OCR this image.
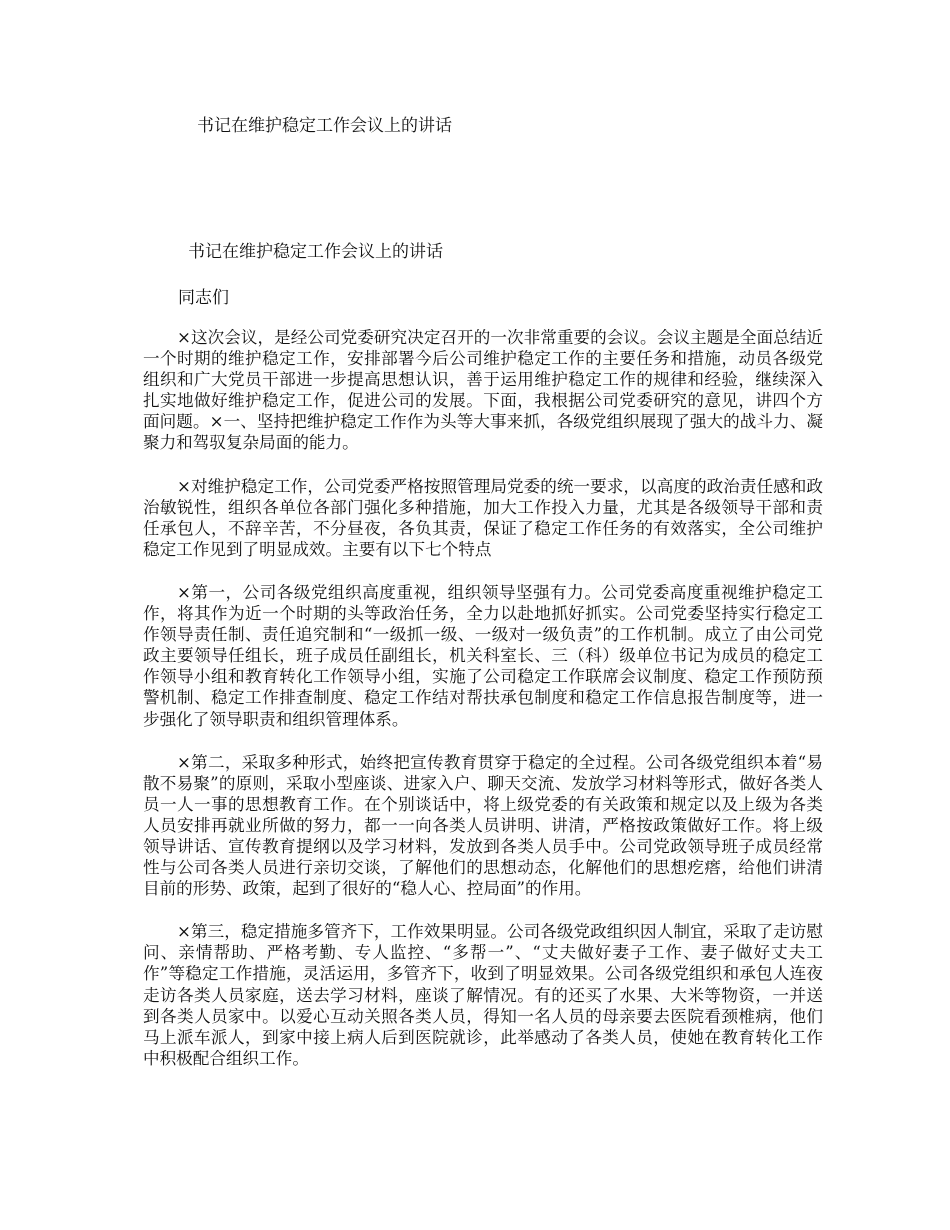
书记在维护稳定工作会议上的讲话
书记在维护稳定工作会议上的讲话
同志们

×这次会议，是经公司党委研究决定召开的一次非常重要的会议。会议主题是全面总结近一个时期的维护稳定工作，安排部署今后公司维护稳定工作的主要任务和措施，动员各级党组织和广大党员干部进一步提高思想认识，善于运用维护稳定工作的规律和经验，继续深入扎实地做好维护稳定工作，促进公司的发展。下面，我根据公司党委研究的意见，讲四个方面问题。×一、坚持把维护稳定工作作为头等大事来抓，各级党组织展现了强大的战斗力、凝聚力和驾驭复杂局面的能力。

×对维护稳定工作，公司党委严格按照管理局党委的统一要求，以高度的政治责任感和政治敏锐性，组织各单位各部门强化多种措施，加大工作投入力量，尤其是各级领导干部和责任承包人，不辞辛苦，不分昼夜，各负其责，保证了稳定工作任务的有效落实，全公司维护稳定工作见到了明显成效。主要有以下七个特点

×第一，公司各级党组织高度重视，组织领导坚强有力。公司党委高度重视维护稳定工作，将其作为近一个时期的头等政治任务，全力以赴地抓好抓实。公司党委坚持实行稳定工作领导责任制、责任追究制和“一级抓一级、一级对一级负责”的工作机制。成立了由公司党政主要领导任组长，班子成员任副组长，机关科室长、三（科）级单位书记为成员的稳定工作领导小组和教育转化工作领导小组，实施了公司稳定工作联席会议制度、稳定工作预防预警机制、稳定工作排查制度、稳定工作结对帮扶承包制度和稳定工作信息报告制度等，进一步强化了领导职责和组织管理体系。

×第二，采取多种形式，始终把宣传教育贯穿于稳定的全过程。公司各级党组织本着“易散不易聚”的原则，采取小型座谈、进家入户、聊天交流、发放学习材料等形式，做好各类人员一人一事的思想教育工作。在个别谈话中，将上级党委的有关政策和规定以及上级为各类人员安排再就业所做的努力，都一一向各类人员讲明、讲清，严格按政策做好工作。将上级领导讲话、宣传教育提纲以及学习材料，发放到各类人员手中。公司党政领导班子成员经常性与公司各类人员进行亲切交谈，了解他们的思想动态，化解他们的思想疙瘩，给他们讲清目前的形势、政策，起到了很好的“稳人心、控局面”的作用。

×第三，稳定措施多管齐下，工作效果明显。公司各级党政组织因人制宜，采取了走访慰问、亲情帮助、严格考勤、专人监控、“多帮一”、“丈夫做好妻子工作、妻子做好丈夫工作”等稳定工作措施，灵活运用，多管齐下，收到了明显效果。公司各级党组织和承包人连夜走访各类人员家庭，送去学习材料，座谈了解情况。有的还买了水果、大米等物资，一并送到各类人员家中。以爱心互动关照各类人员，得知一名人员的母亲要去医院看颈椎病，他们马上派车派人，到家中接上病人后到医院就诊，此举感动了各类人员，使她在教育转化工作中积极配合组织工作。
